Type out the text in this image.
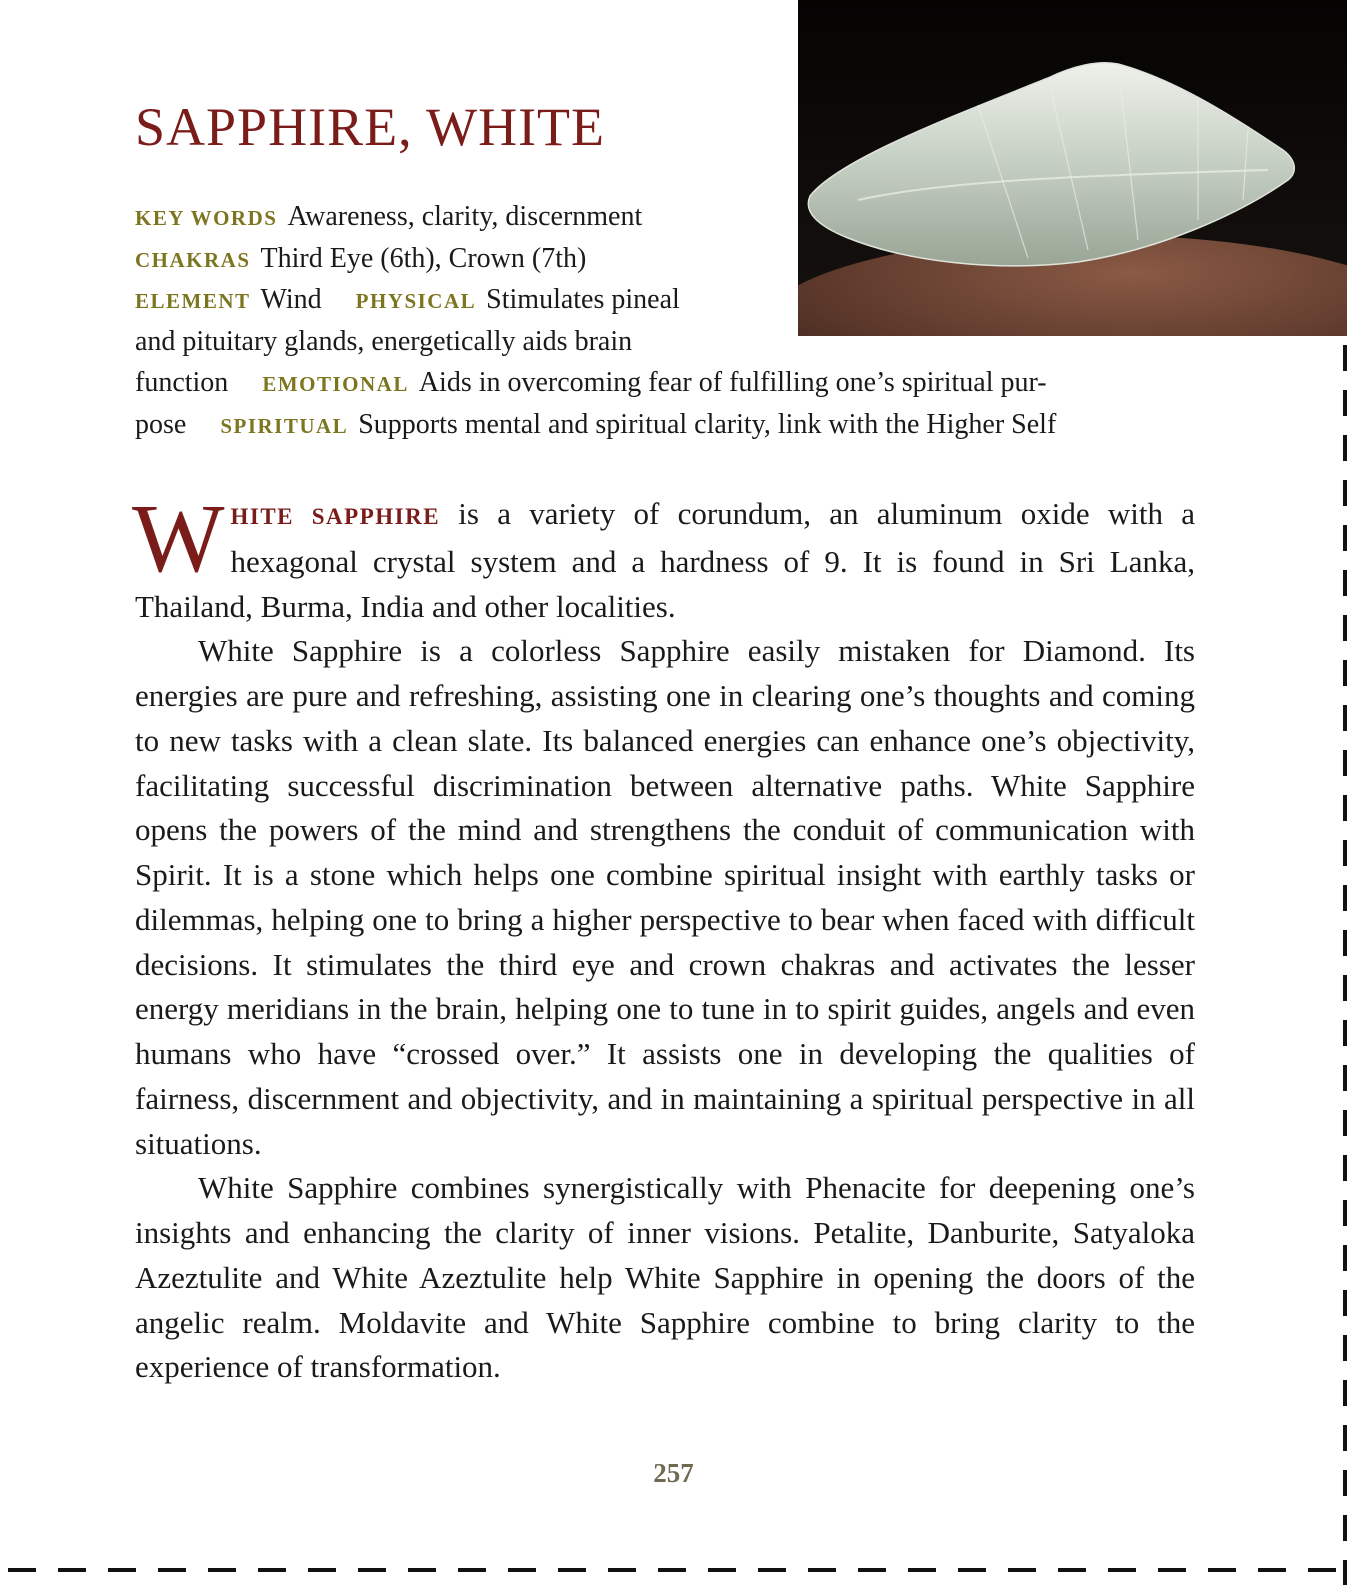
SAPPHIRE, WHITE
KEY WORDS Awareness, clarity, discernment
CHAKRAS Third Eye (6th), Crown (7th)
ELEMENT Wind PHYSICAL Stimulates pineal
and pituitary glands, energetically aids brain
function EMOTIONAL Aids in overcoming fear of fulfilling one’s spiritual pur-
pose SPIRITUAL Supports mental and spiritual clarity, link with the Higher Self

WHITE SAPPHIRE is a variety of corundum, an aluminum oxide with a hexagonal crystal system and a hardness of 9. It is found in Sri Lanka, Thailand, Burma, India and other localities.

White Sapphire is a colorless Sapphire easily mistaken for Diamond. Its energies are pure and refreshing, assisting one in clearing one’s thoughts and coming to new tasks with a clean slate. Its balanced energies can enhance one’s objectivity, facilitating successful discrimination between alternative paths. White Sapphire opens the powers of the mind and strengthens the conduit of communication with Spirit. It is a stone which helps one combine spiritual insight with earthly tasks or dilemmas, helping one to bring a higher perspective to bear when faced with difficult decisions. It stimulates the third eye and crown chakras and activates the lesser energy meridians in the brain, helping one to tune in to spirit guides, angels and even humans who have “crossed over.” It assists one in developing the qualities of fairness, discernment and objectivity, and in maintaining a spiritual perspective in all situations.

White Sapphire combines synergistically with Phenacite for deepening one’s insights and enhancing the clarity of inner visions. Petalite, Danburite, Satyaloka Azeztulite and White Azeztulite help White Sapphire in opening the doors of the angelic realm. Moldavite and White Sapphire combine to bring clarity to the experience of transformation.

257
